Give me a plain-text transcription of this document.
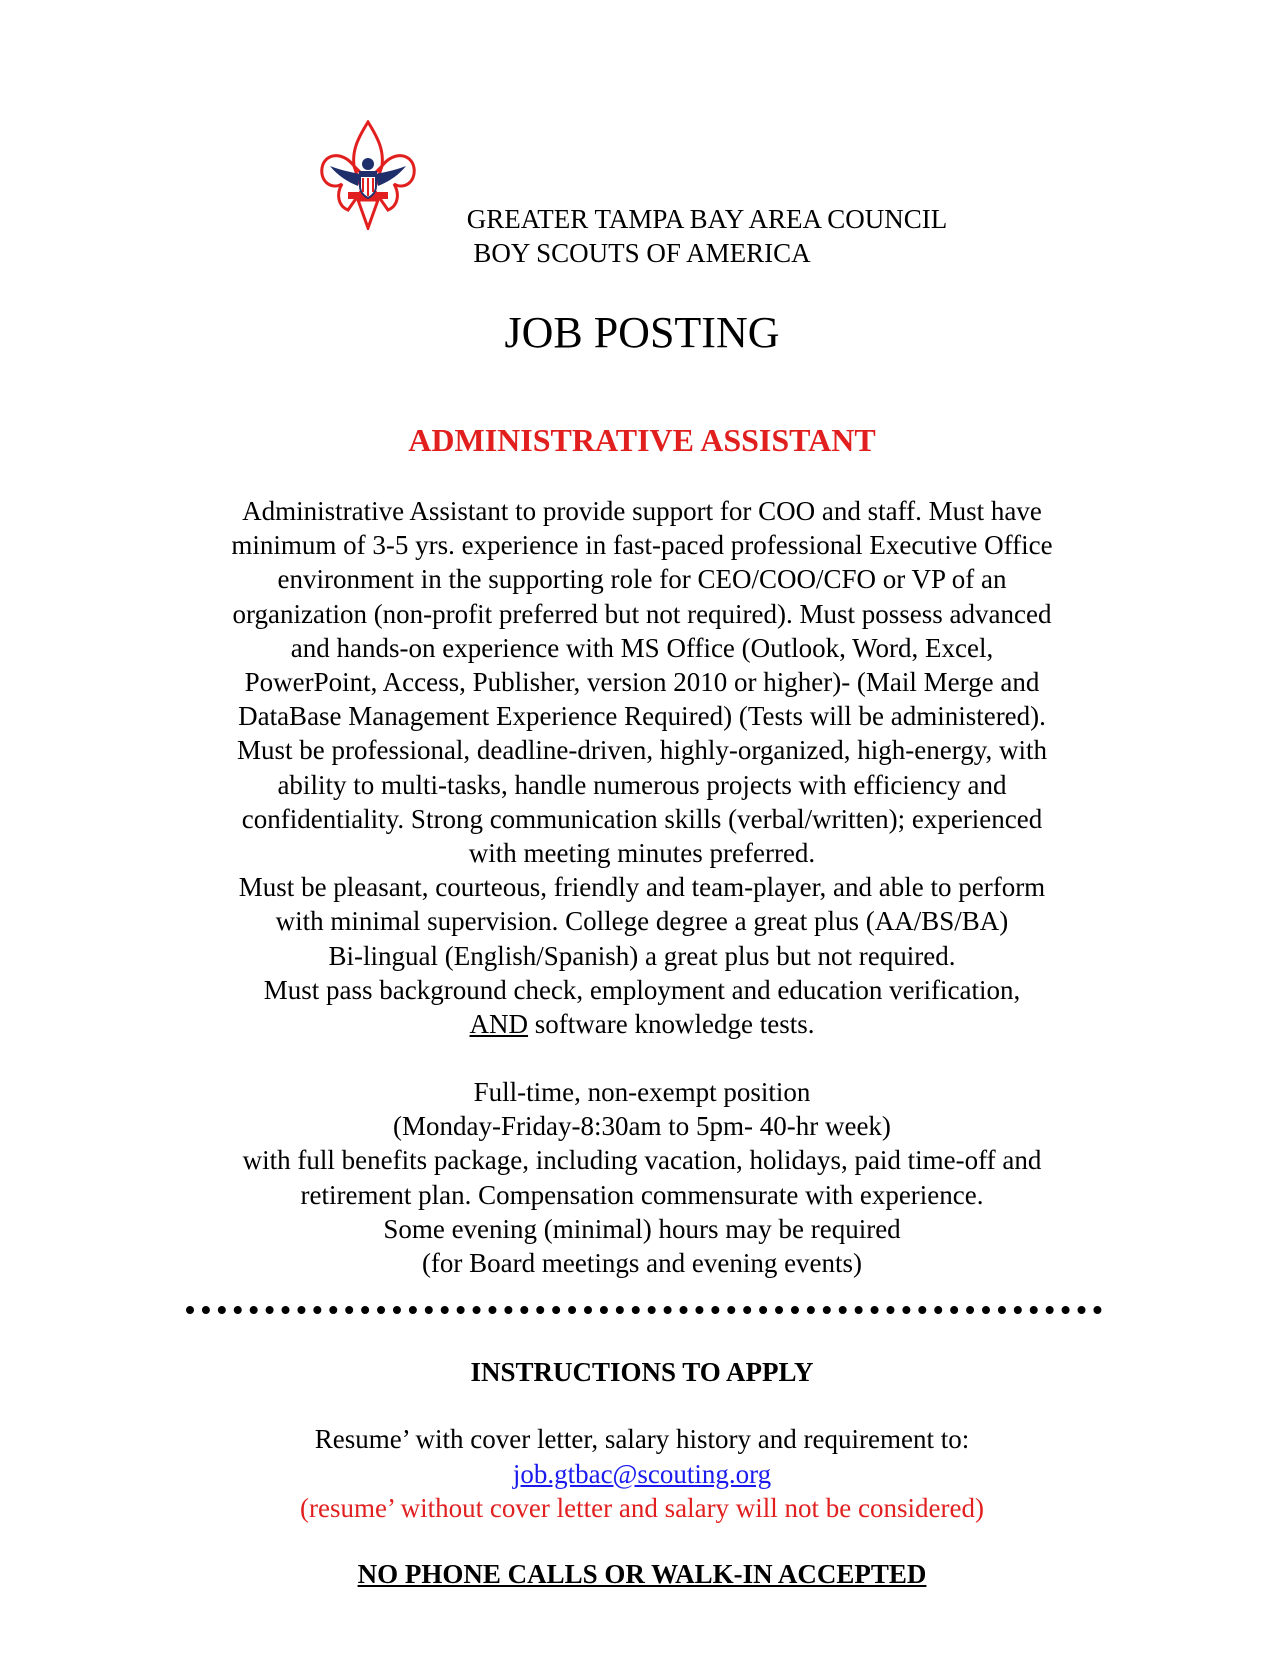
GREATER TAMPA BAY AREA COUNCIL
BOY SCOUTS OF AMERICA
JOB POSTING
ADMINISTRATIVE ASSISTANT
Administrative Assistant to provide support for COO and staff. Must have
minimum of 3-5 yrs. experience in fast-paced professional Executive Office
environment in the supporting role for CEO/COO/CFO or VP of an
organization (non-profit preferred but not required). Must possess advanced
and hands-on experience with MS Office (Outlook, Word, Excel,
PowerPoint, Access, Publisher, version 2010 or higher)- (Mail Merge and
DataBase Management Experience Required) (Tests will be administered).
Must be professional, deadline-driven, highly-organized, high-energy, with
ability to multi-tasks, handle numerous projects with efficiency and
confidentiality. Strong communication skills (verbal/written); experienced
with meeting minutes preferred.
Must be pleasant, courteous, friendly and team-player, and able to perform
with minimal supervision. College degree a great plus (AA/BS/BA)
Bi-lingual (English/Spanish) a great plus but not required.
Must pass background check, employment and education verification,
AND software knowledge tests.
Full-time, non-exempt position
(Monday-Friday-8:30am to 5pm- 40-hr week)
with full benefits package, including vacation, holidays, paid time-off and
retirement plan. Compensation commensurate with experience.
Some evening (minimal) hours may be required
(for Board meetings and evening events)
INSTRUCTIONS TO APPLY
Resume’ with cover letter, salary history and requirement to:
job.gtbac@scouting.org
(resume’ without cover letter and salary will not be considered)
NO PHONE CALLS OR WALK-IN ACCEPTED
